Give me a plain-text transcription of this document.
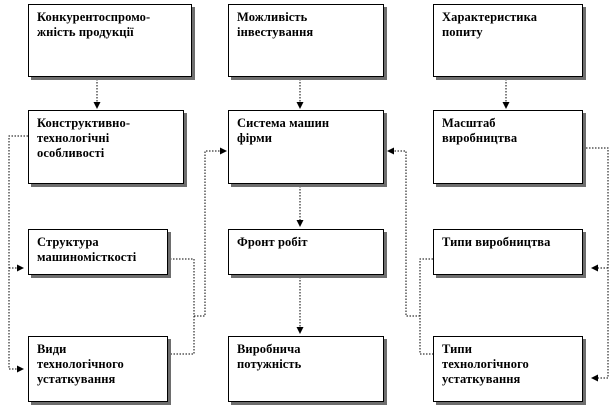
Конкурентоспромо-
жність продукції
Можливість
інвестування
Характеристика
попиту
Конструктивно-
технологічні
особливості
Система машин
фірми
Масштаб
виробництва
Структура
машиномісткості
Фронт робіт	Типи виробництва
Види
технологічного
устаткування
Виробнича
потужність
Типи
технологічного
устаткування
